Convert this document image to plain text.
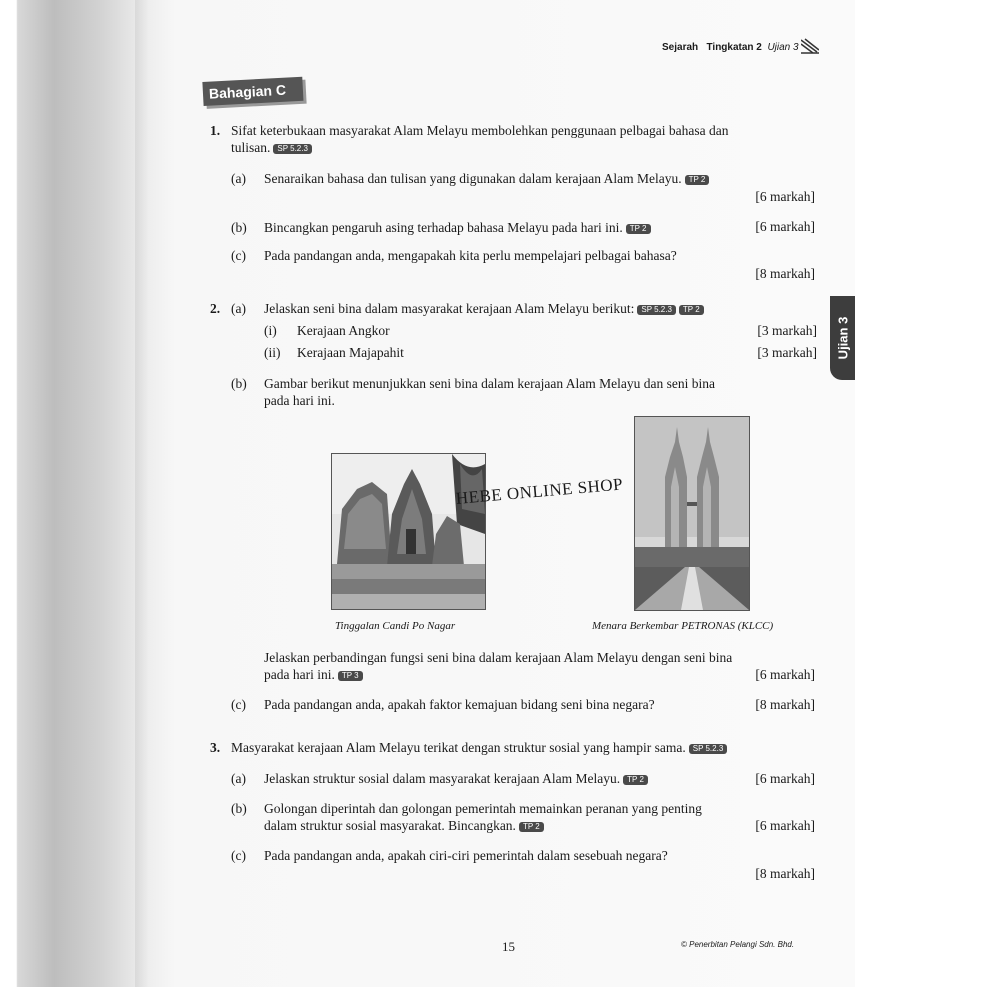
Sejarah Tingkatan 2 Ujian 3
Bahagian C
Ujian 3
1. Sifat keterbukaan masyarakat Alam Melayu membolehkan penggunaan pelbagai bahasa dan
tulisan. SP 5.2.3
(a) Senaraikan bahasa dan tulisan yang digunakan dalam kerajaan Alam Melayu. TP 2
[6 markah]
(b) Bincangkan pengaruh asing terhadap bahasa Melayu pada hari ini. TP 2	[6 markah]
(c) Pada pandangan anda, mengapakah kita perlu mempelajari pelbagai bahasa?
[8 markah]
2. (a) Jelaskan seni bina dalam masyarakat kerajaan Alam Melayu berikut: SP 5.2.3 TP 2
(i) Kerajaan Angkor	[3 markah]
(ii) Kerajaan Majapahit	[3 markah]
(b) Gambar berikut menunjukkan seni bina dalam kerajaan Alam Melayu dan seni bina
pada hari ini.
HEBE ONLINE SHOP
Tinggalan Candi Po Nagar	Menara Berkembar PETRONAS (KLCC)
Jelaskan perbandingan fungsi seni bina dalam kerajaan Alam Melayu dengan seni bina
pada hari ini. TP 3	[6 markah]
(c) Pada pandangan anda, apakah faktor kemajuan bidang seni bina negara?	[8 markah]
3. Masyarakat kerajaan Alam Melayu terikat dengan struktur sosial yang hampir sama. SP 5.2.3
(a) Jelaskan struktur sosial dalam masyarakat kerajaan Alam Melayu. TP 2	[6 markah]
(b) Golongan diperintah dan golongan pemerintah memainkan peranan yang penting
dalam struktur sosial masyarakat. Bincangkan. TP 2	[6 markah]
(c) Pada pandangan anda, apakah ciri-ciri pemerintah dalam sesebuah negara?
[8 markah]
15	© Penerbitan Pelangi Sdn. Bhd.
